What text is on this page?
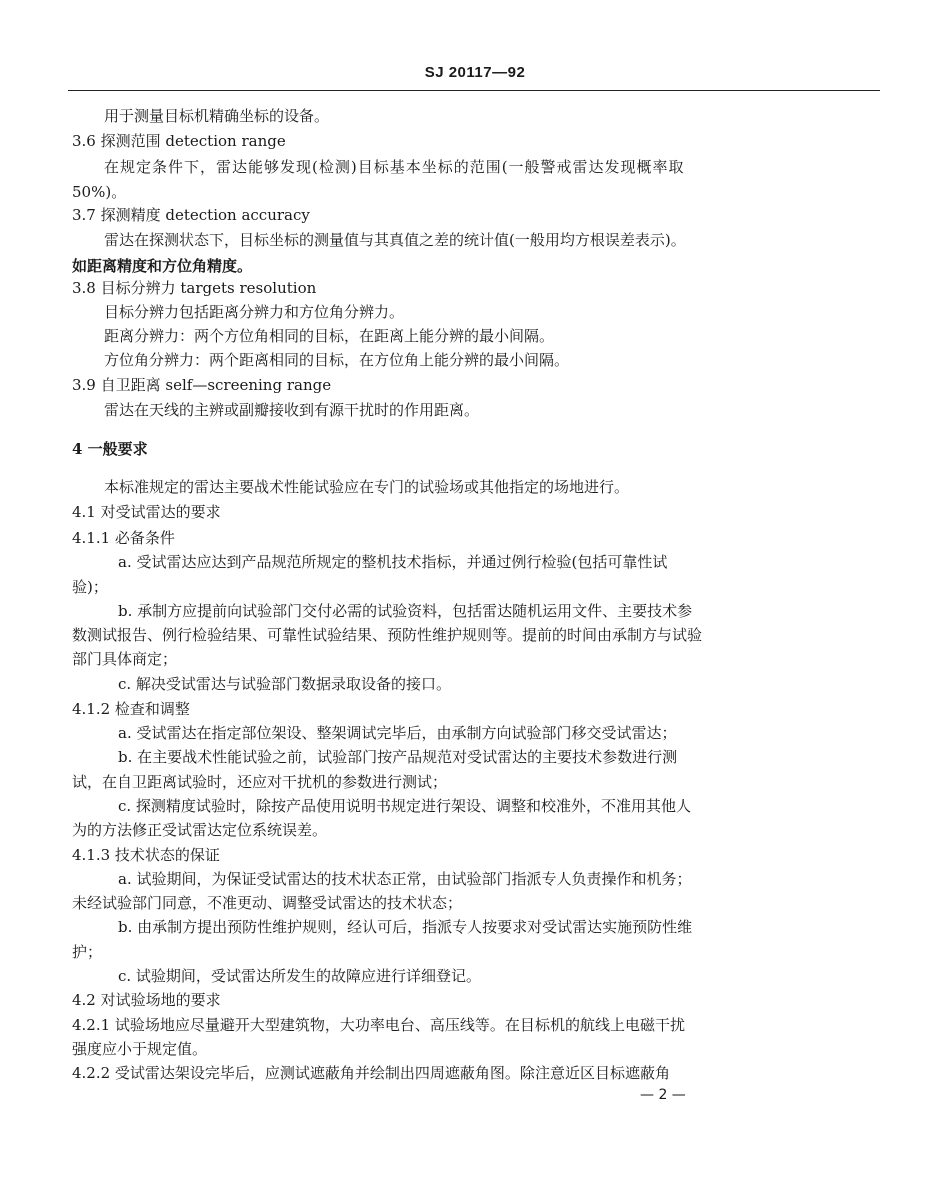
SJ 20117—92
用于测量目标机精确坐标的设备。
3.6 探测范围 detection range
在规定条件下，雷达能够发现(检测)目标基本坐标的范围(一般警戒雷达发现概率取
50%)。
3.7 探测精度 detection accuracy
雷达在探测状态下，目标坐标的测量值与其真值之差的统计值(一般用均方根误差表示)。
如距离精度和方位角精度。
3.8 目标分辨力 targets resolution
目标分辨力包括距离分辨力和方位角分辨力。
距离分辨力：两个方位角相同的目标，在距离上能分辨的最小间隔。
方位角分辨力：两个距离相同的目标，在方位角上能分辨的最小间隔。
3.9 自卫距离 self—screening range
雷达在天线的主辨或副瓣接收到有源干扰时的作用距离。
4 一般要求
本标准规定的雷达主要战术性能试验应在专门的试验场或其他指定的场地进行。
4.1 对受试雷达的要求
4.1.1 必备条件
a. 受试雷达应达到产品规范所规定的整机技术指标，并通过例行检验(包括可靠性试
验)；
b. 承制方应提前向试验部门交付必需的试验资料，包括雷达随机运用文件、主要技术参
数测试报告、例行检验结果、可靠性试验结果、预防性维护规则等。提前的时间由承制方与试验
部门具体商定；
c. 解决受试雷达与试验部门数据录取设备的接口。
4.1.2 检查和调整
a. 受试雷达在指定部位架设、整架调试完毕后，由承制方向试验部门移交受试雷达；
b. 在主要战术性能试验之前，试验部门按产品规范对受试雷达的主要技术参数进行测
试，在自卫距离试验时，还应对干扰机的参数进行测试；
c. 探测精度试验时，除按产品使用说明书规定进行架设、调整和校准外，不准用其他人
为的方法修正受试雷达定位系统误差。
4.1.3 技术状态的保证
a. 试验期间，为保证受试雷达的技术状态正常，由试验部门指派专人负责操作和机务；
未经试验部门同意，不准更动、调整受试雷达的技术状态；
b. 由承制方提出预防性维护规则，经认可后，指派专人按要求对受试雷达实施预防性维
护；
c. 试验期间，受试雷达所发生的故障应进行详细登记。
4.2 对试验场地的要求
4.2.1 试验场地应尽量避开大型建筑物，大功率电台、高压线等。在目标机的航线上电磁干扰
强度应小于规定值。
4.2.2 受试雷达架设完毕后，应测试遮蔽角并绘制出四周遮蔽角图。除注意近区目标遮蔽角
— 2 —
